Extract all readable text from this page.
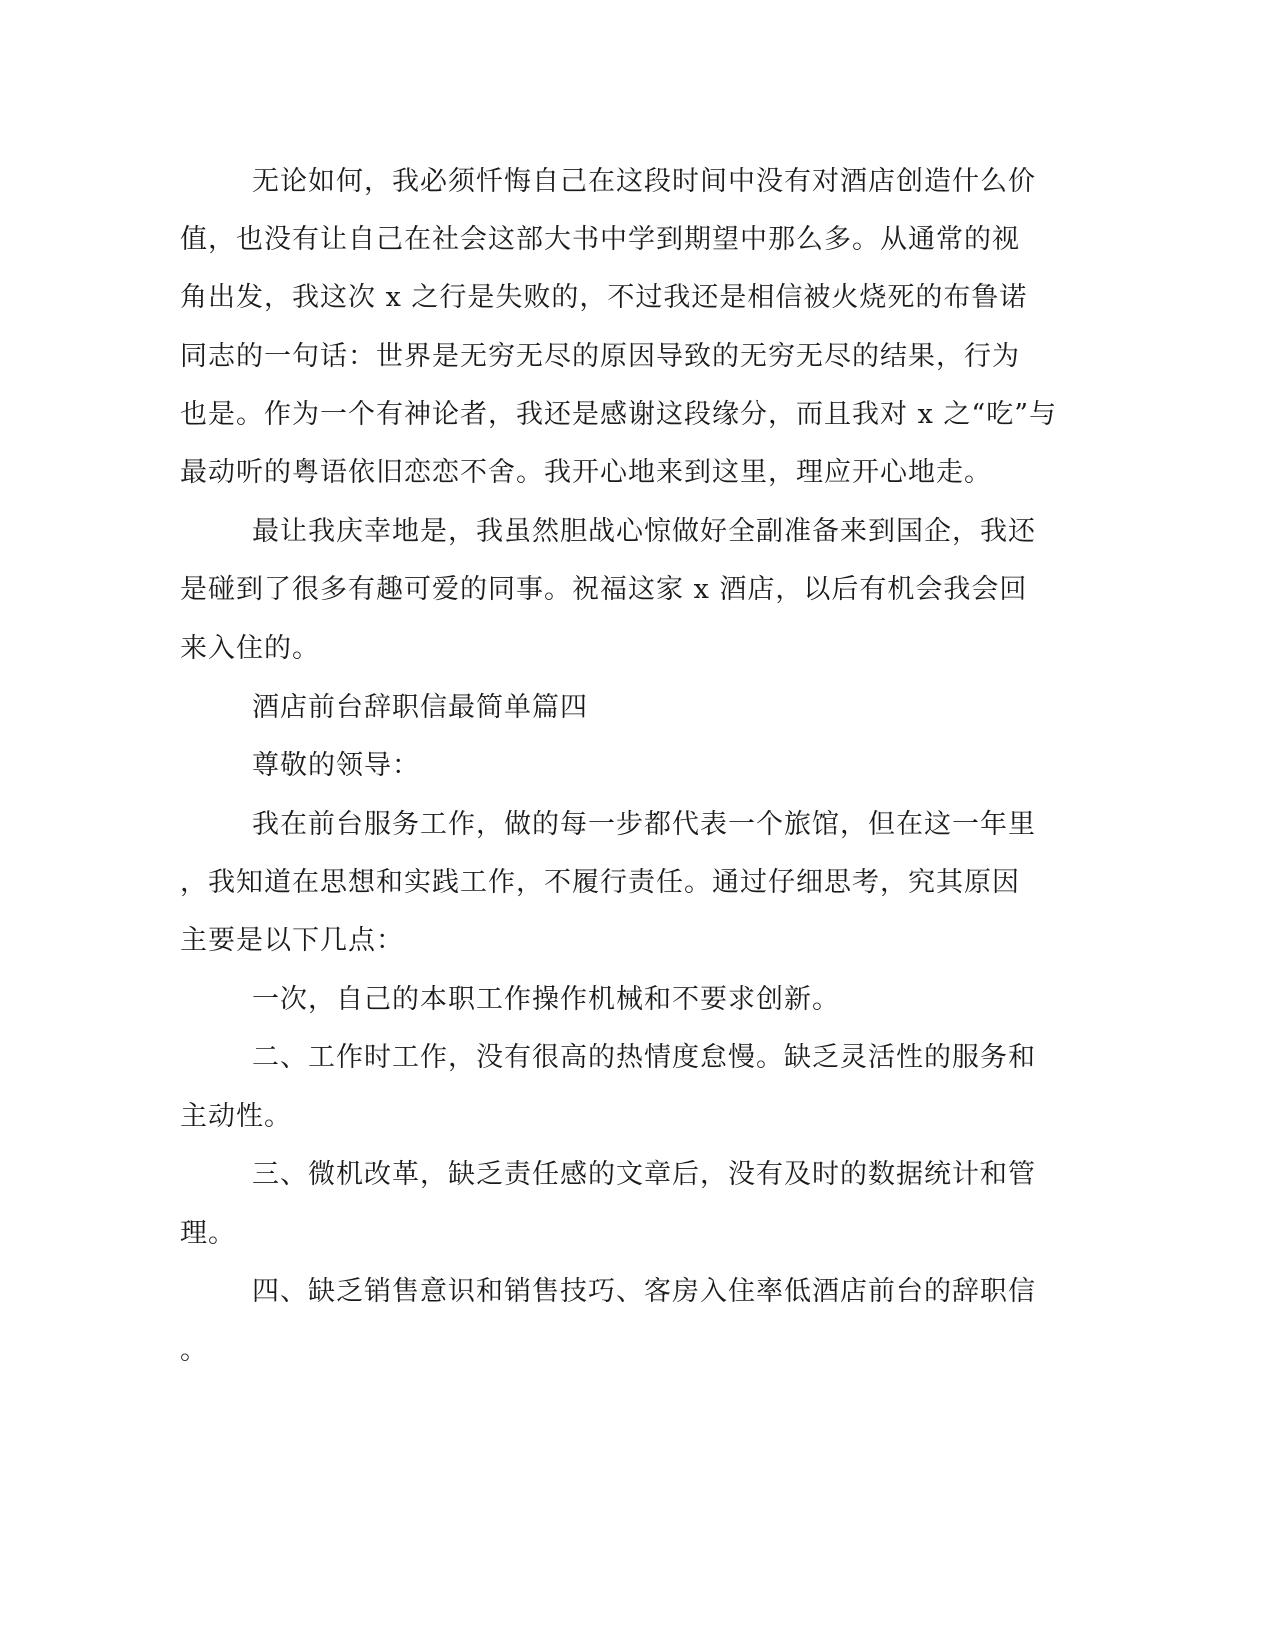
无论如何，我必须忏悔自己在这段时间中没有对酒店创造什么价
值，也没有让自己在社会这部大书中学到期望中那么多。从通常的视
角出发，我这次 x 之行是失败的，不过我还是相信被火烧死的布鲁诺
同志的一句话：世界是无穷无尽的原因导致的无穷无尽的结果，行为
也是。作为一个有神论者，我还是感谢这段缘分，而且我对 x 之“吃”与
最动听的粤语依旧恋恋不舍。我开心地来到这里，理应开心地走。
最让我庆幸地是，我虽然胆战心惊做好全副准备来到国企，我还
是碰到了很多有趣可爱的同事。祝福这家 x 酒店，以后有机会我会回
来入住的。
酒店前台辞职信最简单篇四
尊敬的领导：
我在前台服务工作，做的每一步都代表一个旅馆，但在这一年里
，我知道在思想和实践工作，不履行责任。通过仔细思考，究其原因
主要是以下几点：
一次，自己的本职工作操作机械和不要求创新。
二、工作时工作，没有很高的热情度怠慢。缺乏灵活性的服务和
主动性。
三、微机改革，缺乏责任感的文章后，没有及时的数据统计和管
理。
四、缺乏销售意识和销售技巧、客房入住率低酒店前台的辞职信
。
